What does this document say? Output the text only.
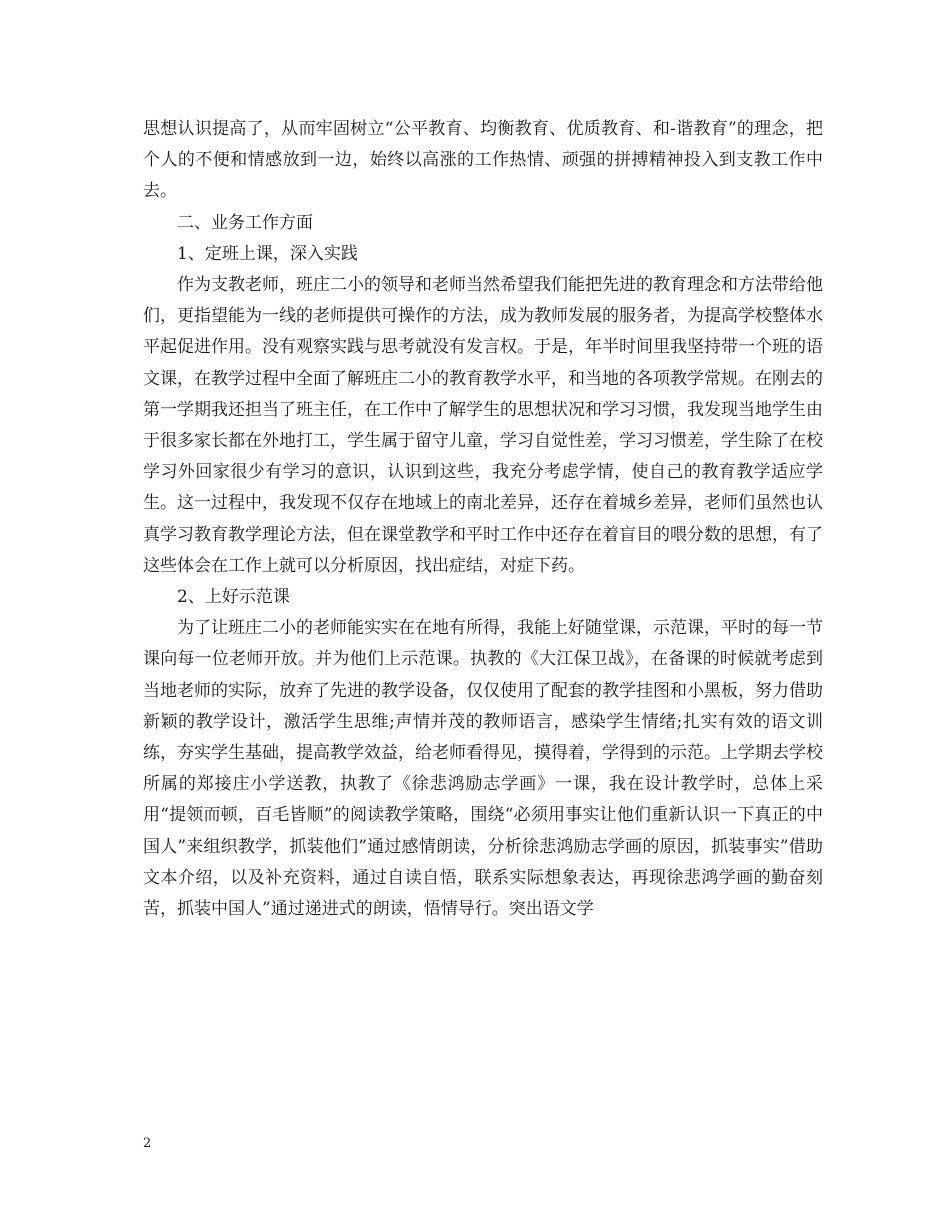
思想认识提高了，从而牢固树立“公平教育、均衡教育、优质教育、和-谐教育”的理念，把个人的不便和情感放到一边，始终以高涨的工作热情、顽强的拼搏精神投入到支教工作中去。

二、业务工作方面

1、定班上课，深入实践

作为支教老师，班庄二小的领导和老师当然希望我们能把先进的教育理念和方法带给他们，更指望能为一线的老师提供可操作的方法，成为教师发展的服务者，为提高学校整体水平起促进作用。没有观察实践与思考就没有发言权。于是，年半时间里我坚持带一个班的语文课，在教学过程中全面了解班庄二小的教育教学水平，和当地的各项教学常规。在刚去的第一学期我还担当了班主任，在工作中了解学生的思想状况和学习习惯，我发现当地学生由于很多家长都在外地打工，学生属于留守儿童，学习自觉性差，学习习惯差，学生除了在校学习外回家很少有学习的意识，认识到这些，我充分考虑学情，使自己的教育教学适应学生。这一过程中，我发现不仅存在地域上的南北差异，还存在着城乡差异，老师们虽然也认真学习教育教学理论方法，但在课堂教学和平时工作中还存在着盲目的喂分数的思想，有了这些体会在工作上就可以分析原因，找出症结，对症下药。

2、上好示范课

为了让班庄二小的老师能实实在在地有所得，我能上好随堂课，示范课，平时的每一节课向每一位老师开放。并为他们上示范课。执教的《大江保卫战》，在备课的时候就考虑到当地老师的实际，放弃了先进的教学设备，仅仅使用了配套的教学挂图和小黑板，努力借助新颖的教学设计，激活学生思维;声情并茂的教师语言，感染学生情绪;扎实有效的语文训练，夯实学生基础，提高教学效益，给老师看得见，摸得着，学得到的示范。上学期去学校所属的郑接庄小学送教，执教了《徐悲鸿励志学画》一课，我在设计教学时，总体上采用“提领而顿，百毛皆顺”的阅读教学策略，围绕“必须用事实让他们重新认识一下真正的中国人”来组织教学，抓装他们”通过感情朗读，分析徐悲鸿励志学画的原因，抓装事实”借助文本介绍，以及补充资料，通过自读自悟，联系实际想象表达，再现徐悲鸿学画的勤奋刻苦，抓装中国人”通过递进式的朗读，悟情导行。突出语文学

2
